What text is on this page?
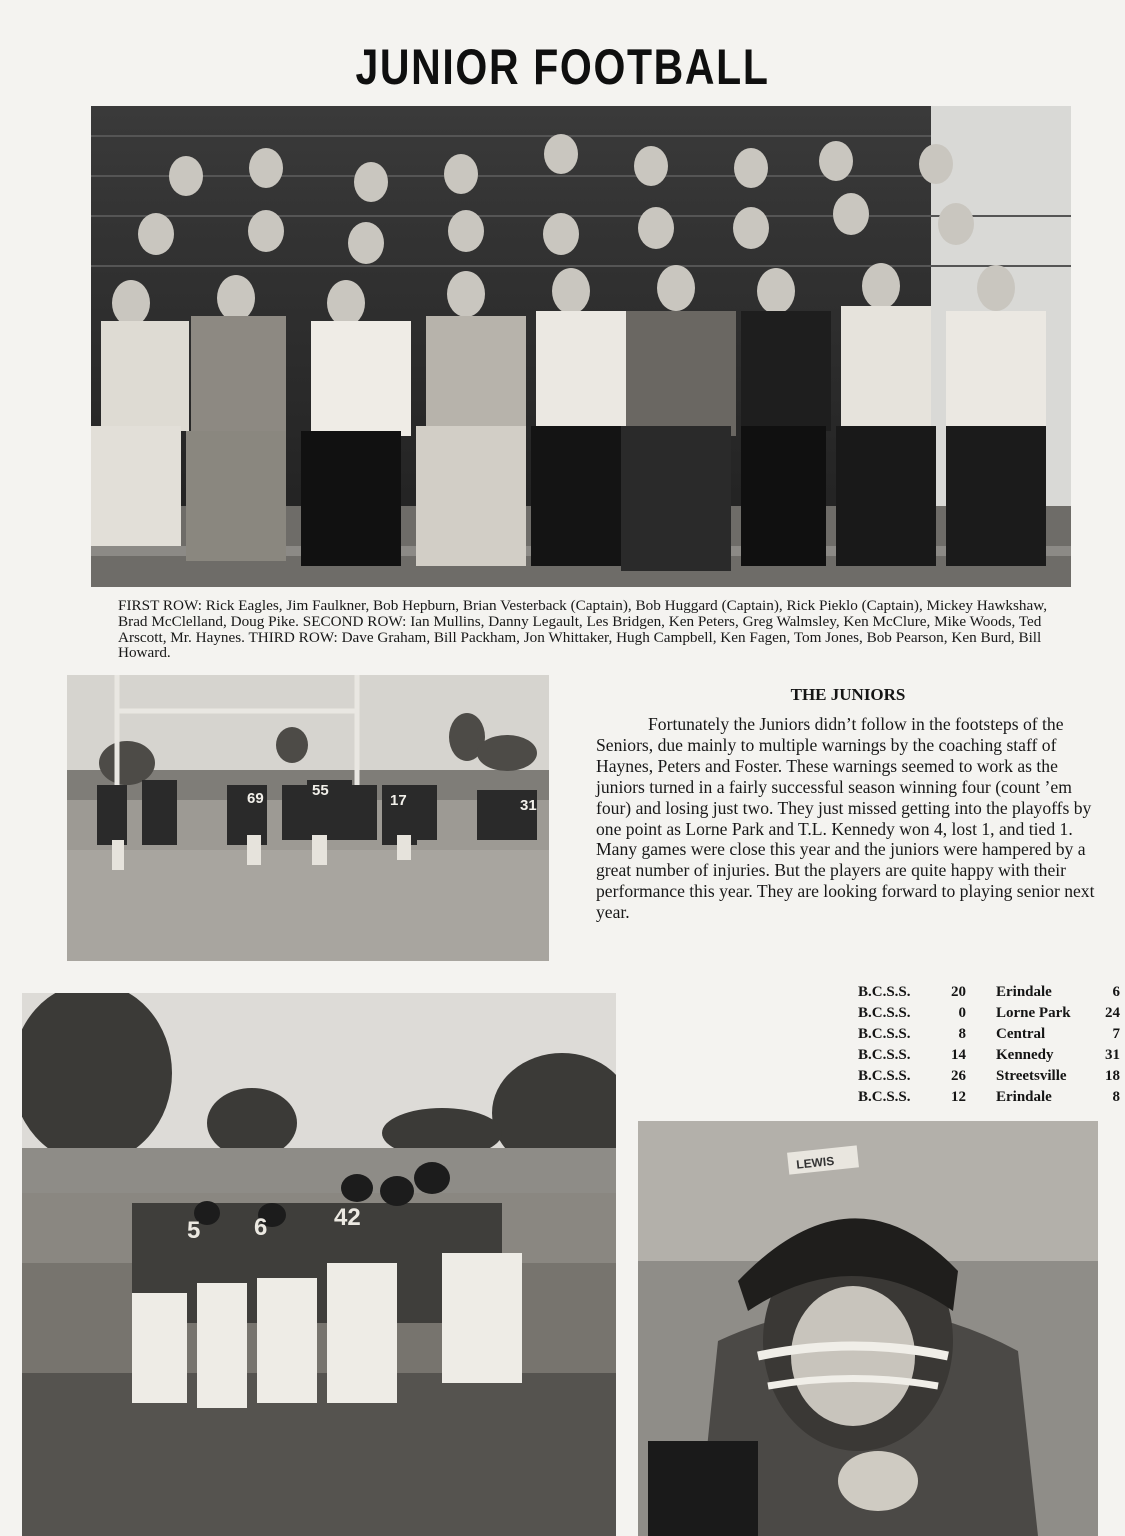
JUNIOR FOOTBALL
FIRST ROW: Rick Eagles, Jim Faulkner, Bob Hepburn, Brian Vesterback (Captain), Bob Huggard (Captain), Rick Pieklo (Captain), Mickey Hawkshaw, Brad McClelland, Doug Pike. SECOND ROW: Ian Mullins, Danny Legault, Les Bridgen, Ken Peters, Greg Walmsley, Ken McClure, Mike Woods, Ted Arscott, Mr. Haynes. THIRD ROW: Dave Graham, Bill Packham, Jon Whittaker, Hugh Campbell, Ken Fagen, Tom Jones, Bob Pearson, Ken Burd, Bill Howard.
69	55
17	31
THE JUNIORS

Fortunately the Juniors didn’t follow in the footsteps of the Seniors, due mainly to multiple warnings by the coaching staff of Haynes, Peters and Foster. These warnings seemed to work as the juniors turned in a fairly successful season winning four (count ’em four) and losing just two. They just missed getting into the playoffs by one point as Lorne Park and T.L. Kennedy won 4, lost 1, and tied 1. Many games were close this year and the juniors were hampered by a great number of injuries. But the players are quite happy with their performance this year. They are looking forward to playing senior next year.

B.C.S.S.	20	Erindale	6
B.C.S.S.	0	Lorne Park	24
B.C.S.S.	8	Central	7
B.C.S.S.	14	Kennedy	31
B.C.S.S.	26	Streetsville	18
B.C.S.S.	12	Erindale	8
5 6	42
LEWIS
